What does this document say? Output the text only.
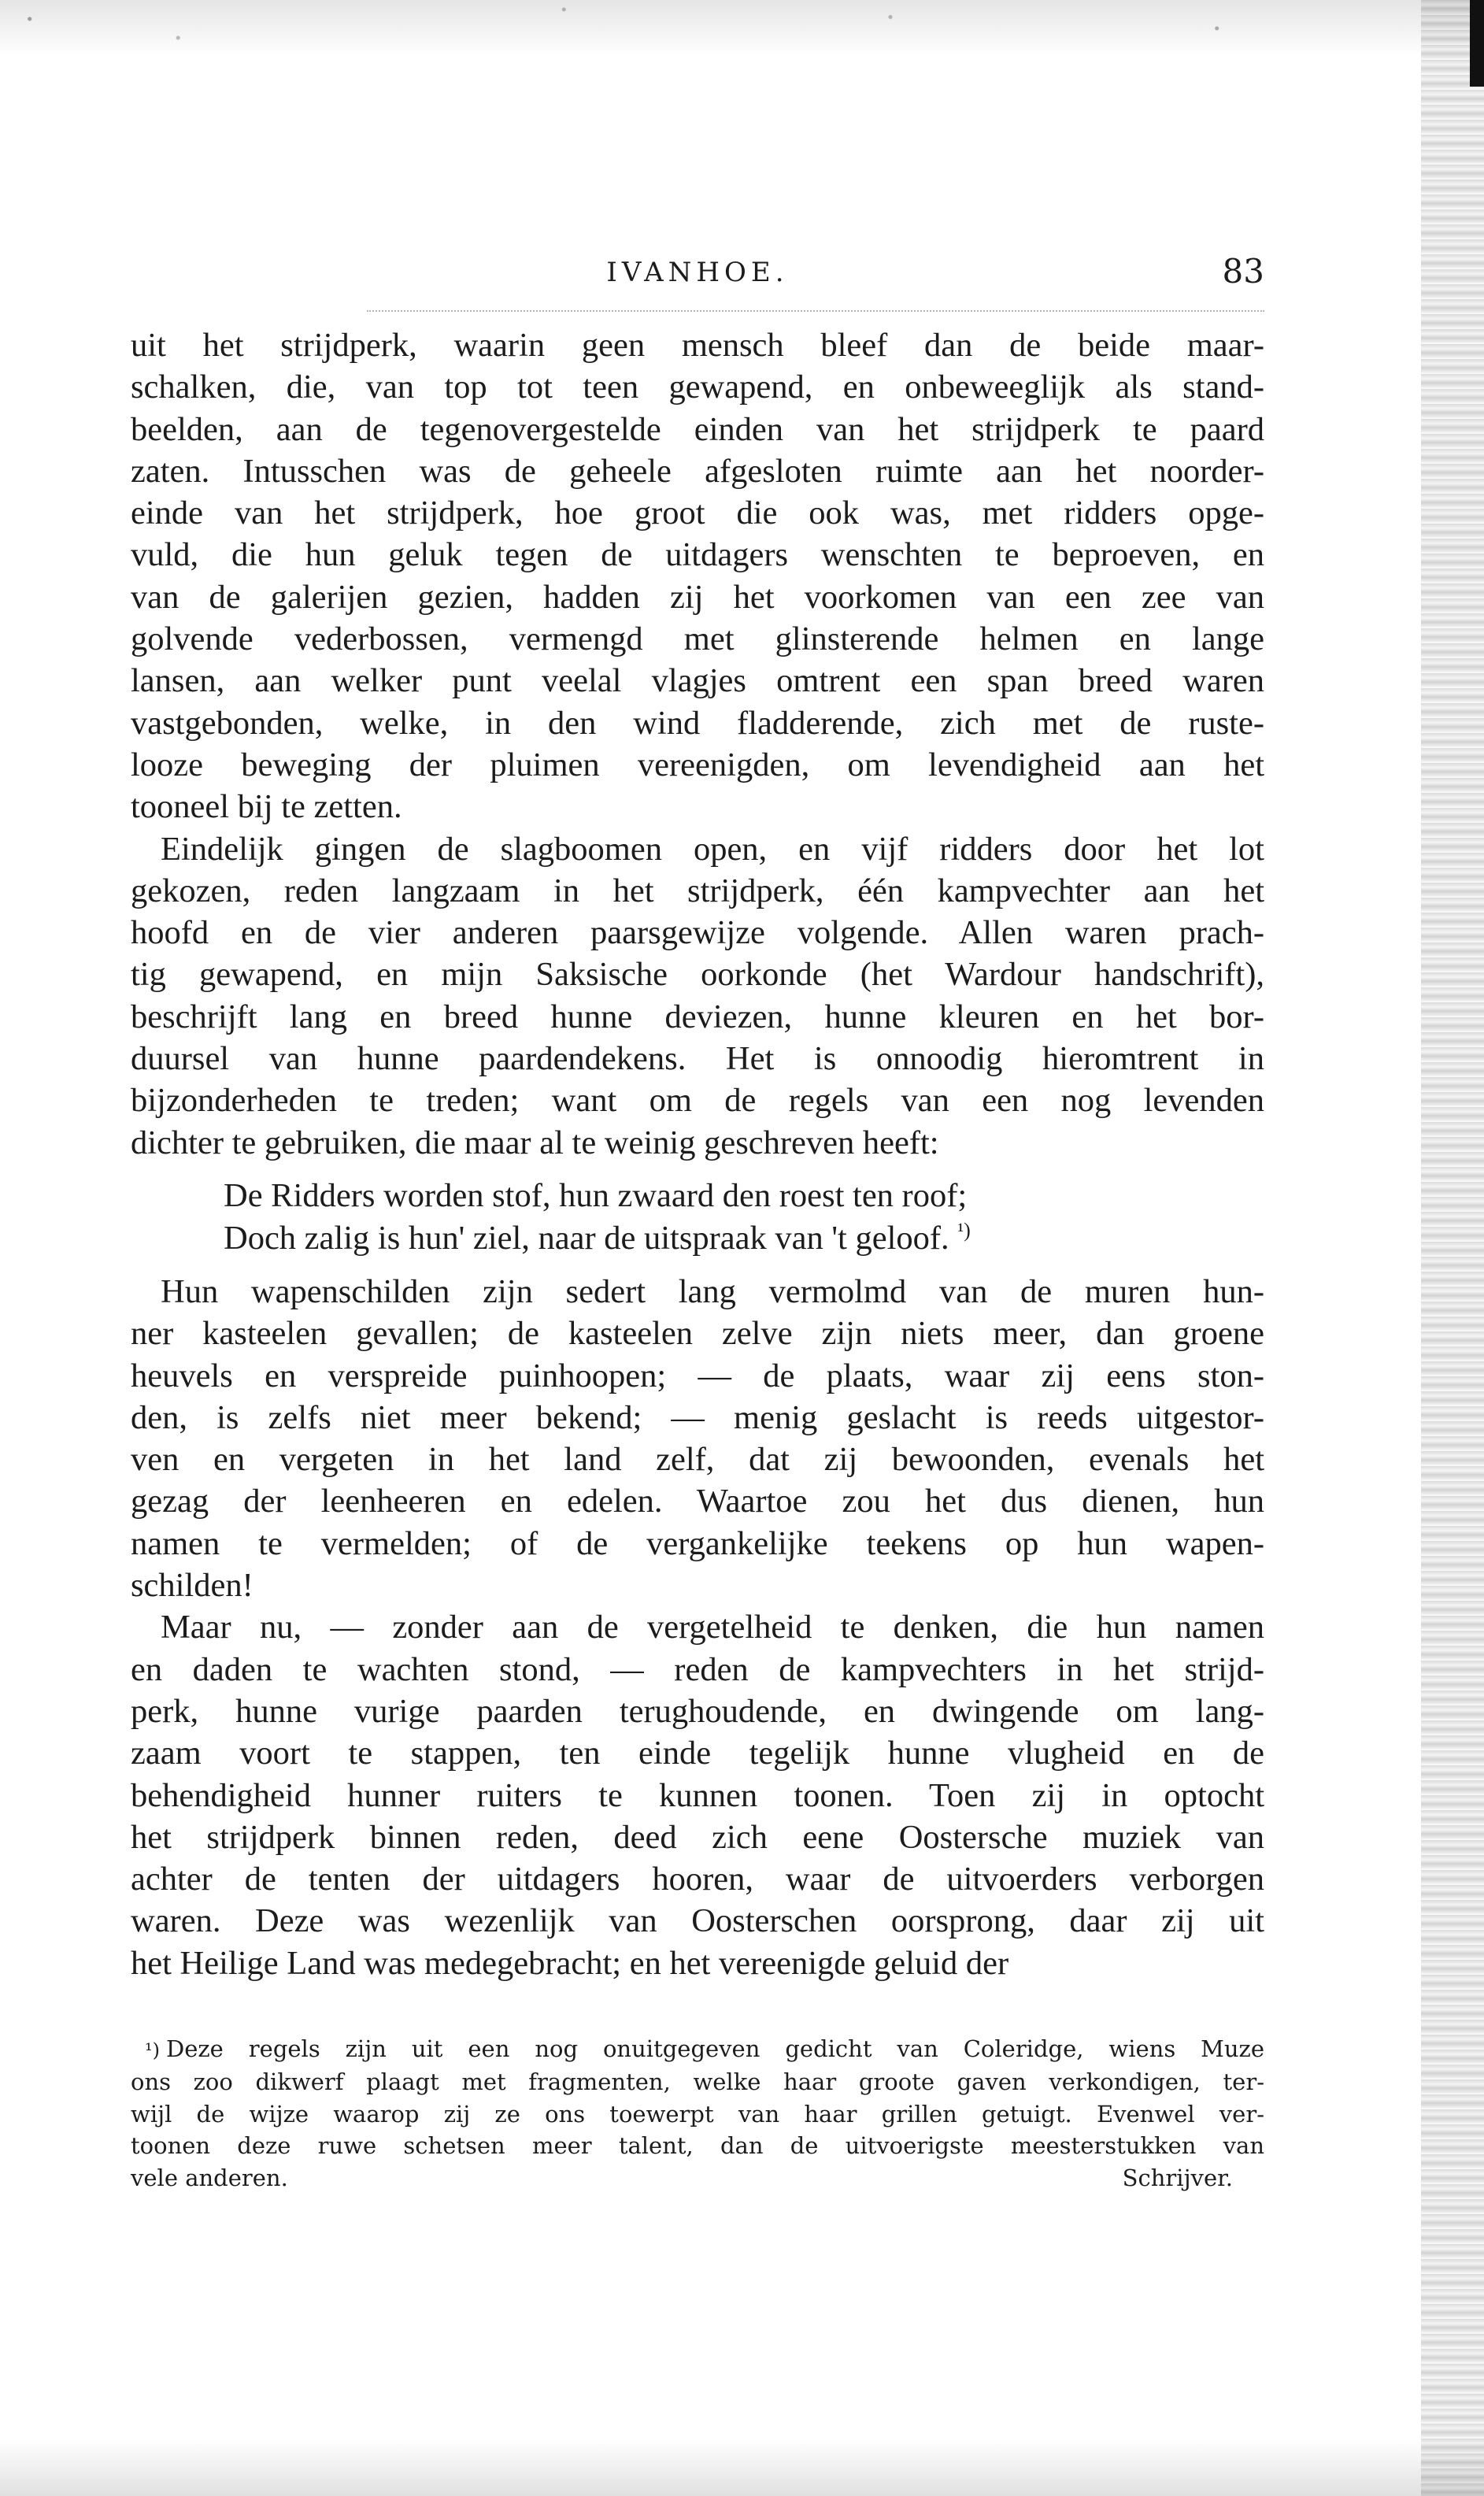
IVANHOE.	83
uit het strijdperk, waarin geen mensch bleef dan de beide maar-
schalken, die, van top tot teen gewapend, en onbeweeglijk als stand-
beelden, aan de tegenovergestelde einden van het strijdperk te paard
zaten. Intusschen was de geheele afgesloten ruimte aan het noorder-
einde van het strijdperk, hoe groot die ook was, met ridders opge-
vuld, die hun geluk tegen de uitdagers wenschten te beproeven, en
van de galerijen gezien, hadden zij het voorkomen van een zee van
golvende vederbossen, vermengd met glinsterende helmen en lange
lansen, aan welker punt veelal vlagjes omtrent een span breed waren
vastgebonden, welke, in den wind fladderende, zich met de ruste-
looze beweging der pluimen vereenigden, om levendigheid aan het
tooneel bij te zetten.
Eindelijk gingen de slagboomen open, en vijf ridders door het lot
gekozen, reden langzaam in het strijdperk, één kampvechter aan het
hoofd en de vier anderen paarsgewijze volgende. Allen waren prach-
tig gewapend, en mijn Saksische oorkonde (het Wardour handschrift),
beschrijft lang en breed hunne deviezen, hunne kleuren en het bor-
duursel van hunne paardendekens. Het is onnoodig hieromtrent in
bijzonderheden te treden; want om de regels van een nog levenden
dichter te gebruiken, die maar al te weinig geschreven heeft:
De Ridders worden stof, hun zwaard den roest ten roof;
Doch zalig is hun' ziel, naar de uitspraak van 't geloof. $^{^1)}$
Hun wapenschilden zijn sedert lang vermolmd van de muren hun-
ner kasteelen gevallen; de kasteelen zelve zijn niets meer, dan groene
heuvels en verspreide puinhoopen; — de plaats, waar zij eens ston-
den, is zelfs niet meer bekend; — menig geslacht is reeds uitgestor-
ven en vergeten in het land zelf, dat zij bewoonden, evenals het
gezag der leenheeren en edelen. Waartoe zou het dus dienen, hun
namen te vermelden; of de vergankelijke teekens op hun wapen-
schilden!
Maar nu, — zonder aan de vergetelheid te denken, die hun namen
en daden te wachten stond, — reden de kampvechters in het strijd-
perk, hunne vurige paarden terughoudende, en dwingende om lang-
zaam voort te stappen, ten einde tegelijk hunne vlugheid en de
behendigheid hunner ruiters te kunnen toonen. Toen zij in optocht
het strijdperk binnen reden, deed zich eene Oostersche muziek van
achter de tenten der uitdagers hooren, waar de uitvoerders verborgen
waren. Deze was wezenlijk van Oosterschen oorsprong, daar zij uit
het Heilige Land was medegebracht; en het vereenigde geluid der
¹) Deze regels zijn uit een nog onuitgegeven gedicht van Coleridge, wiens Muze
ons zoo dikwerf plaagt met fragmenten, welke haar groote gaven verkondigen, ter-
wijl de wijze waarop zij ze ons toewerpt van haar grillen getuigt. Evenwel ver-
toonen deze ruwe schetsen meer talent, dan de uitvoerigste meesterstukken van
vele anderen.	Schrijver.
